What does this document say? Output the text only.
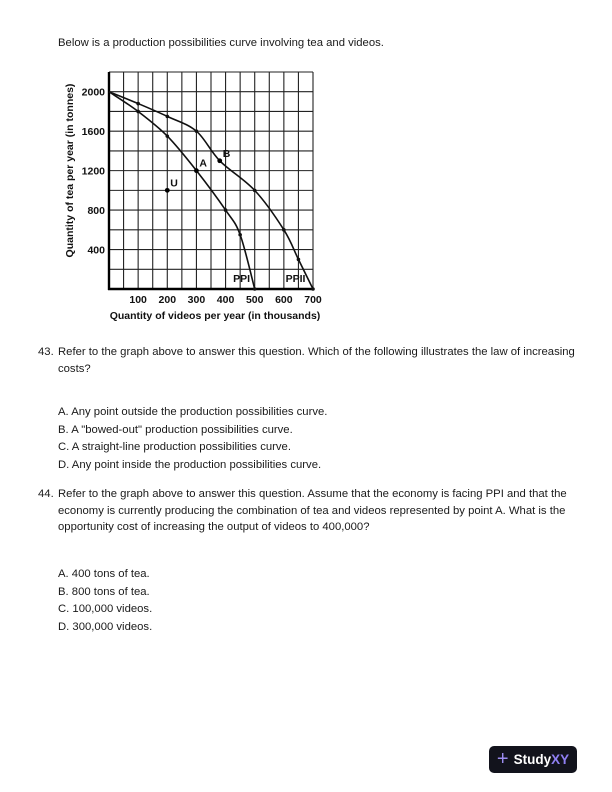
Below is a production possibilities curve involving tea and videos.
100 200 300 400 500 600 700
400
800
1200
1600
2000
Quantity of videos per year (in thousands)
Quantity of tea per year (in tonnes)	A
B
U
PPI	PPII
43. Refer to the graph above to answer this question. Which of the following illustrates the law of increasing costs?
A. Any point outside the production possibilities curve.
B. A "bowed-out" production possibilities curve.
C. A straight-line production possibilities curve.
D. Any point inside the production possibilities curve.
44. Refer to the graph above to answer this question. Assume that the economy is facing PPI and that the economy is currently producing the combination of tea and videos represented by point A. What is the opportunity cost of increasing the output of videos to 400,000?
A. 400 tons of tea.
B. 800 tons of tea.
C. 100,000 videos.
D. 300,000 videos.
+ StudyXY
